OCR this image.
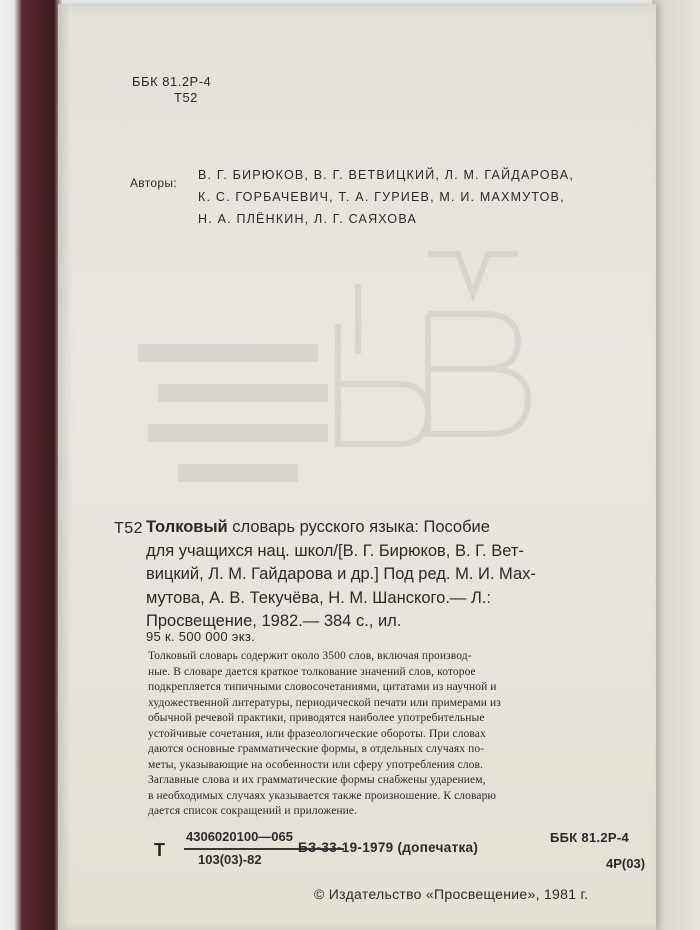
ББК 81.2Р-4
Т52
Авторы:
В. Г. БИРЮКОВ, В. Г. ВЕТВИЦКИЙ, Л. М. ГАЙДАРОВА,
К. С. ГОРБАЧЕВИЧ, Т. А. ГУРИЕВ, М. И. МАХМУТОВ,
Н. А. ПЛЁНКИН, Л. Г. САЯХОВА
Т52 Толковый словарь русского языка: Пособие
для учащихся нац. школ/[В. Г. Бирюков, В. Г. Вет-
вицкий, Л. М. Гайдарова и др.] Под ред. М. И. Мах-
мутова, А. В. Текучёва, Н. М. Шанского.— Л.:
Просвещение, 1982.— 384 с., ил.
95 к. 500 000 экз.
Толковый словарь содержит около 3500 слов, включая производ-
ные. В словаре дается краткое толкование значений слов, которое
подкрепляется типичными словосочетаниями, цитатами из научной и
художественной литературы, периодической печати или примерами из
обычной речевой практики, приводятся наиболее употребительные
устойчивые сочетания, или фразеологические обороты. При словах
даются основные грамматические формы, в отдельных случаях по-
меты, указывающие на особенности или сферу употребления слов.
Заглавные слова и их грамматические формы снабжены ударением,
в необходимых случаях указывается также произношение. К словарю
дается список сокращений и приложение.
Т
4306020100—065
103(03)-82
БЗ-33-19-1979 (допечатка)
ББК 81.2Р-4
4Р(03)
© Издательство «Просвещение», 1981 г.
